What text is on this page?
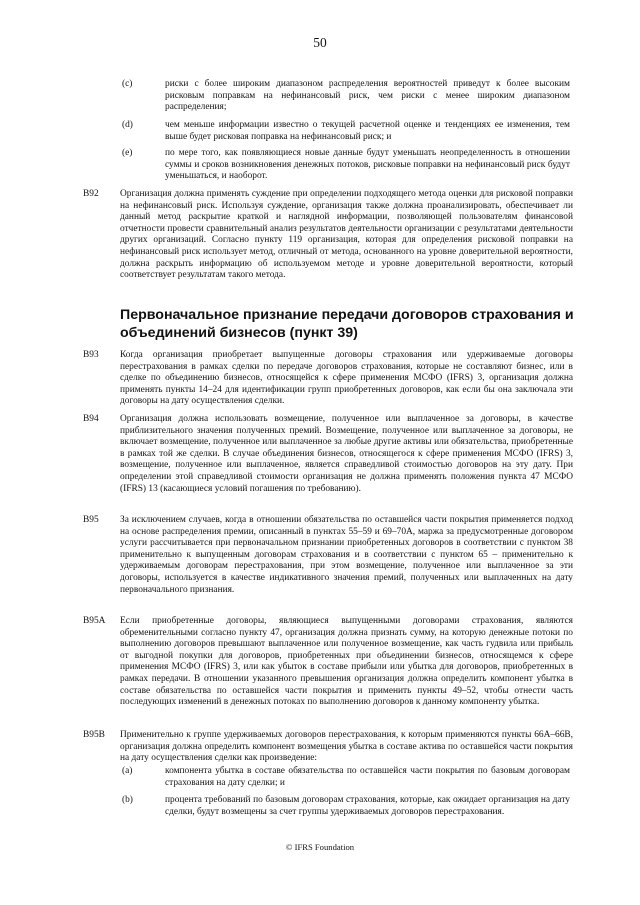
50
(c)	риски с более широким диапазоном распределения вероятностей приведут к более высоким рисковым поправкам на нефинансовый риск, чем риски с менее широким диапазоном распределения;
(d)	чем меньше информации известно о текущей расчетной оценке и тенденциях ее изменения, тем выше будет рисковая поправка на нефинансовый риск; и
(e)	по мере того, как появляющиеся новые данные будут уменьшать неопределенность в отношении суммы и сроков возникновения денежных потоков, рисковые поправки на нефинансовый риск будут уменьшаться, и наоборот.
B92 Организация должна применять суждение при определении подходящего метода оценки для рисковой поправки на нефинансовый риск. Используя суждение, организация также должна проанализировать, обеспечивает ли данный метод раскрытие краткой и наглядной информации, позволяющей пользователям финансовой отчетности провести сравнительный анализ результатов деятельности организации с результатами деятельности других организаций. Согласно пункту 119 организация, которая для определения рисковой поправки на нефинансовый риск использует метод, отличный от метода, основанного на уровне доверительной вероятности, должна раскрыть информацию об используемом методе и уровне доверительной вероятности, который соответствует результатам такого метода.
Первоначальное признание передачи договоров страхования и объединений бизнесов (пункт 39)
B93 Когда организация приобретает выпущенные договоры страхования или удерживаемые договоры перестрахования в рамках сделки по передаче договоров страхования, которые не составляют бизнес, или в сделке по объединению бизнесов, относящейся к сфере применения МСФО (IFRS) 3, организация должна применять пункты 14–24 для идентификации групп приобретенных договоров, как если бы она заключала эти договоры на дату осуществления сделки.
B94 Организация должна использовать возмещение, полученное или выплаченное за договоры, в качестве приблизительного значения полученных премий. Возмещение, полученное или выплаченное за договоры, не включает возмещение, полученное или выплаченное за любые другие активы или обязательства, приобретенные в рамках той же сделки. В случае объединения бизнесов, относящегося к сфере применения МСФО (IFRS) 3, возмещение, полученное или выплаченное, является справедливой стоимостью договоров на эту дату. При определении этой справедливой стоимости организация не должна применять положения пункта 47 МСФО (IFRS) 13 (касающиеся условий погашения по требованию).
B95 За исключением случаев, когда в отношении обязательства по оставшейся части покрытия применяется подход на основе распределения премии, описанный в пунктах 55–59 и 69–70A, маржа за предусмотренные договором услуги рассчитывается при первоначальном признании приобретенных договоров в соответствии с пунктом 38 применительно к выпущенным договорам страхования и в соответствии с пунктом 65 – применительно к удерживаемым договорам перестрахования, при этом возмещение, полученное или выплаченное за эти договоры, используется в качестве индикативного значения премий, полученных или выплаченных на дату первоначального признания.
B95A Если приобретенные договоры, являющиеся выпущенными договорами страхования, являются обременительными согласно пункту 47, организация должна признать сумму, на которую денежные потоки по выполнению договоров превышают выплаченное или полученное возмещение, как часть гудвила или прибыль от выгодной покупки для договоров, приобретенных при объединении бизнесов, относящемся к сфере применения МСФО (IFRS) 3, или как убыток в составе прибыли или убытка для договоров, приобретенных в рамках передачи. В отношении указанного превышения организация должна определить компонент убытка в составе обязательства по оставшейся части покрытия и применить пункты 49–52, чтобы отнести часть последующих изменений в денежных потоках по выполнению договоров к данному компоненту убытка.
B95B Применительно к группе удерживаемых договоров перестрахования, к которым применяются пункты 66A–66B, организация должна определить компонент возмещения убытка в составе актива по оставшейся части покрытия на дату осуществления сделки как произведение:
(a)	компонента убытка в составе обязательства по оставшейся части покрытия по базовым договорам страхования на дату сделки; и
(b)	процента требований по базовым договорам страхования, которые, как ожидает организация на дату сделки, будут возмещены за счет группы удерживаемых договоров перестрахования.
© IFRS Foundation
